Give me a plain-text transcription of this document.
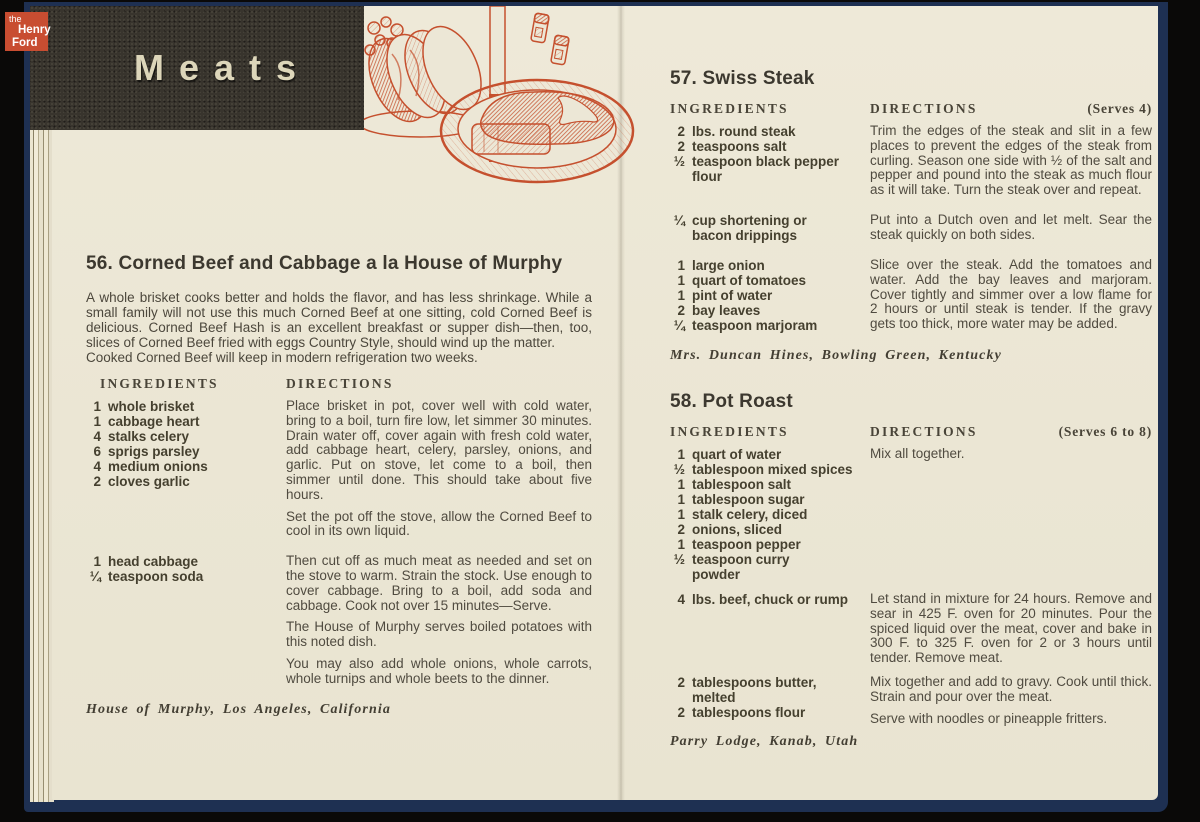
56. Corned Beef and Cabbage a la House of Murphy

A whole brisket cooks better and holds the flavor, and has less shrinkage. While a small family will not use this much Corned Beef at one sitting, cold Corned Beef is delicious. Corned Beef Hash is an excellent breakfast or supper dish—then, too, slices of Corned Beef fried with eggs Country Style, should wind up the matter.

Cooked Corned Beef will keep in modern refrigeration two weeks.

INGREDIENTS	DIRECTIONS
1 whole brisket
1 cabbage heart
4 stalks celery
6 sprigs parsley
4 medium onions
2 cloves garlic

Place brisket in pot, cover well with cold water, bring to a boil, turn fire low, let simmer 30 minutes. Drain water off, cover again with fresh cold water, add cabbage heart, celery, parsley, onions, and garlic. Put on stove, let come to a boil, then simmer until done. This should take about five hours.

Set the pot off the stove, allow the Corned Beef to cool in its own liquid.

1 head cabbage
¼ teaspoon soda

Then cut off as much meat as needed and set on the stove to warm. Strain the stock. Use enough to cover cabbage. Bring to a boil, add soda and cabbage. Cook not over 15 minutes—Serve.

The House of Murphy serves boiled potatoes with this noted dish.

You may also add whole onions, whole carrots, whole turnips and whole beets to the dinner.

House of Murphy, Los Angeles, California
57. Swiss Steak
INGREDIENTS	DIRECTIONS	(Serves 4)
2 lbs. round steak
2 teaspoons salt
½ teaspoon black pepper
flour

Trim the edges of the steak and slit in a few places to prevent the edges of the steak from curling. Season one side with ½ of the salt and pepper and pound into the steak as much flour as it will take. Turn the steak over and repeat.

¼ cup shortening or bacon drippings

Put into a Dutch oven and let melt. Sear the steak quickly on both sides.

1 large onion
1 quart of tomatoes
1 pint of water
2 bay leaves
¼ teaspoon marjoram

Slice over the steak. Add the tomatoes and water. Add the bay leaves and marjoram. Cover tightly and simmer over a low flame for 2 hours or until steak is tender. If the gravy gets too thick, more water may be added.

Mrs. Duncan Hines, Bowling Green, Kentucky
58. Pot Roast
INGREDIENTS	DIRECTIONS	(Serves 6 to 8)
1 quart of water
½ tablespoon mixed spices
1 tablespoon salt
1 tablespoon sugar
1 stalk celery, diced
2 onions, sliced
1 teaspoon pepper
½ teaspoon curry powder

Mix all together.

4 lbs. beef, chuck or rump	Let stand in mixture for 24 hours. Remove and sear in 425 F. oven for 20 minutes. Pour the spiced liquid over the meat, cover and bake in 300 F. to 325 F. oven for 2 or 3 hours until tender. Remove meat.

2 tablespoons butter, melted
2 tablespoons flour

Mix together and add to gravy. Cook until thick. Strain and pour over the meat.

Serve with noodles or pineapple fritters.

Parry Lodge, Kanab, Utah
Meats
the
Henry
Ford
